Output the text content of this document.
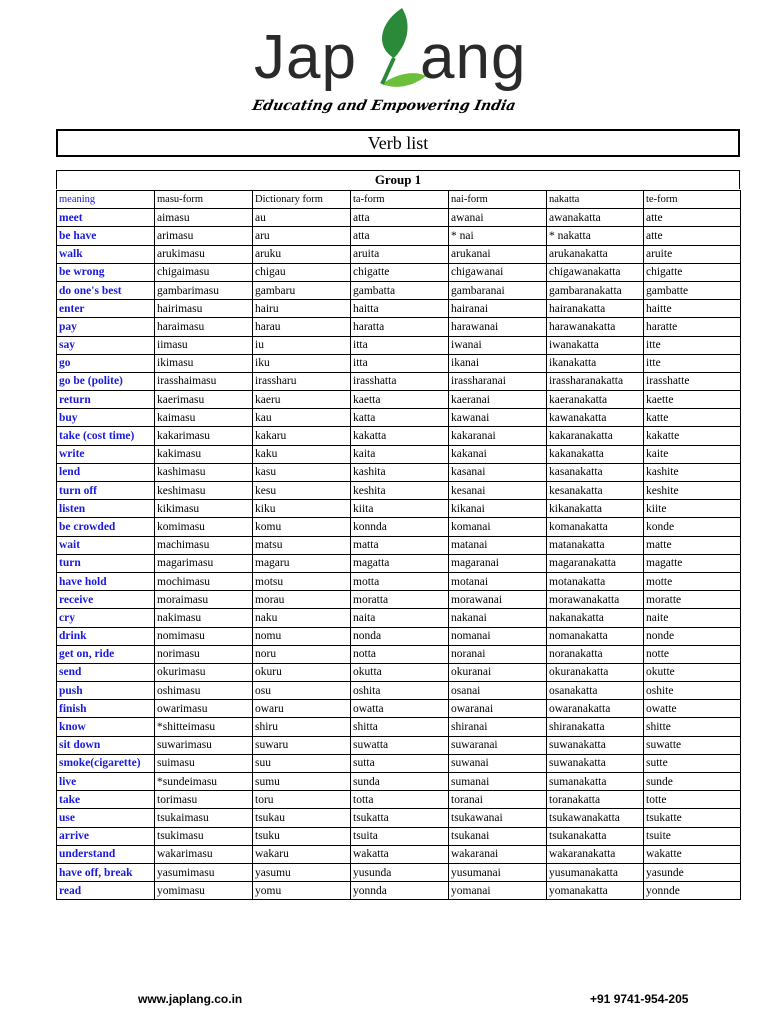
Jap ang
Educating and Empowering India
Verb list
Group 1
meaning	masu-form	Dictionary form	ta-form	nai-form	nakatta	te-form
meet	aimasu	au	atta	awanai	awanakatta	atte
be have	arimasu	aru	atta	* nai	* nakatta	atte
walk	arukimasu	aruku	aruita	arukanai	arukanakatta	aruite
be wrong	chigaimasu	chigau	chigatte	chigawanai	chigawanakatta	chigatte
do one's best	gambarimasu	gambaru	gambatta	gambaranai	gambaranakatta	gambatte
enter	hairimasu	hairu	haitta	hairanai	hairanakatta	haitte
pay	haraimasu	harau	haratta	harawanai	harawanakatta	haratte
say	iimasu	iu	itta	iwanai	iwanakatta	itte
go	ikimasu	iku	itta	ikanai	ikanakatta	itte
go be (polite)	irasshaimasu	irassharu	irasshatta	irassharanai	irassharanakatta	irasshatte
return	kaerimasu	kaeru	kaetta	kaeranai	kaeranakatta	kaette
buy	kaimasu	kau	katta	kawanai	kawanakatta	katte
take (cost time)	kakarimasu	kakaru	kakatta	kakaranai	kakaranakatta	kakatte
write	kakimasu	kaku	kaita	kakanai	kakanakatta	kaite
lend	kashimasu	kasu	kashita	kasanai	kasanakatta	kashite
turn off	keshimasu	kesu	keshita	kesanai	kesanakatta	keshite
listen	kikimasu	kiku	kiita	kikanai	kikanakatta	kiite
be crowded	komimasu	komu	konnda	komanai	komanakatta	konde
wait	machimasu	matsu	matta	matanai	matanakatta	matte
turn	magarimasu	magaru	magatta	magaranai	magaranakatta	magatte
have hold	mochimasu	motsu	motta	motanai	motanakatta	motte
receive	moraimasu	morau	moratta	morawanai	morawanakatta	moratte
cry	nakimasu	naku	naita	nakanai	nakanakatta	naite
drink	nomimasu	nomu	nonda	nomanai	nomanakatta	nonde
get on, ride	norimasu	noru	notta	noranai	noranakatta	notte
send	okurimasu	okuru	okutta	okuranai	okuranakatta	okutte
push	oshimasu	osu	oshita	osanai	osanakatta	oshite
finish	owarimasu	owaru	owatta	owaranai	owaranakatta	owatte
know	*shitteimasu	shiru	shitta	shiranai	shiranakatta	shitte
sit down	suwarimasu	suwaru	suwatta	suwaranai	suwanakatta	suwatte
smoke(cigarette)	suimasu	suu	sutta	suwanai	suwanakatta	sutte
live	*sundeimasu	sumu	sunda	sumanai	sumanakatta	sunde
take	torimasu	toru	totta	toranai	toranakatta	totte
use	tsukaimasu	tsukau	tsukatta	tsukawanai	tsukawanakatta	tsukatte
arrive	tsukimasu	tsuku	tsuita	tsukanai	tsukanakatta	tsuite
understand	wakarimasu	wakaru	wakatta	wakaranai	wakaranakatta	wakatte
have off, break	yasumimasu	yasumu	yusunda	yusumanai	yusumanakatta	yasunde
read	yomimasu	yomu	yonnda	yomanai	yomanakatta	yonnde
www.japlang.co.in	+91 9741-954-205
